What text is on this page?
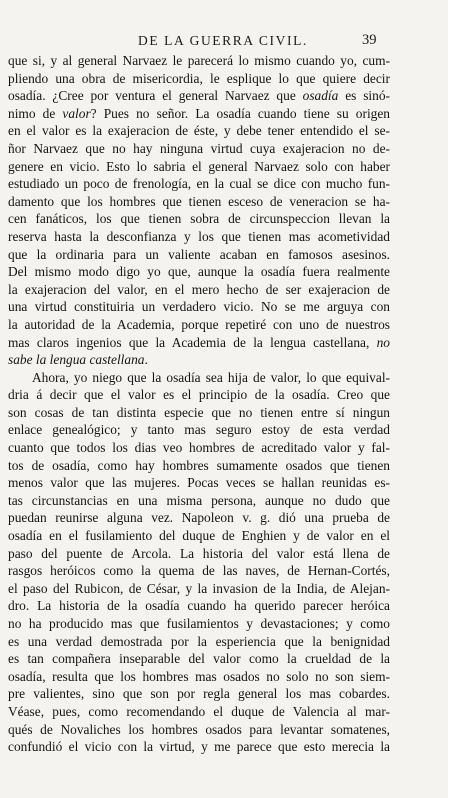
DE LA GUERRA CIVIL.	39
que si, y al general Narvaez le parecerá lo mismo cuando yo, cum-
pliendo una obra de misericordia, le esplique lo que quiere decir
osadía. ¿Cree por ventura el general Narvaez que osadía es sinó-
nimo de valor? Pues no señor. La osadía cuando tiene su origen
en el valor es la exajeracion de éste, y debe tener entendido el se-
ñor Narvaez que no hay ninguna virtud cuya exajeracion no de-
genere en vicio. Esto lo sabria el general Narvaez solo con haber
estudiado un poco de frenología, en la cual se dice con mucho fun-
damento que los hombres que tienen esceso de veneracion se ha-
cen fanáticos, los que tienen sobra de circunspeccion llevan la
reserva hasta la desconfianza y los que tienen mas acometividad
que la ordinaria para un valiente acaban en famosos asesinos.
Del mismo modo digo yo que, aunque la osadía fuera realmente
la exajeracion del valor, en el mero hecho de ser exajeracion de
una virtud constituiria un verdadero vicio. No se me arguya con
la autoridad de la Academia, porque repetiré con uno de nuestros
mas claros ingenios que la Academia de la lengua castellana, no
sabe la lengua castellana.
Ahora, yo niego que la osadía sea hija de valor, lo que equival-
dria á decir que el valor es el principio de la osadía. Creo que
son cosas de tan distinta especie que no tienen entre sí ningun
enlace genealógico; y tanto mas seguro estoy de esta verdad
cuanto que todos los dias veo hombres de acreditado valor y fal-
tos de osadía, como hay hombres sumamente osados que tienen
menos valor que las mujeres. Pocas veces se hallan reunidas es-
tas circunstancias en una misma persona, aunque no dudo que
puedan reunirse alguna vez. Napoleon v. g. dió una prueba de
osadía en el fusilamiento del duque de Enghien y de valor en el
paso del puente de Arcola. La historia del valor está llena de
rasgos heróicos como la quema de las naves, de Hernan-Cortés,
el paso del Rubicon, de César, y la invasion de la India, de Alejan-
dro. La historia de la osadía cuando ha querido parecer heróica
no ha producido mas que fusilamientos y devastaciones; y como
es una verdad demostrada por la esperiencia que la benignidad
es tan compañera inseparable del valor como la crueldad de la
osadía, resulta que los hombres mas osados no solo no son siem-
pre valientes, sino que son por regla general los mas cobardes.
Véase, pues, como recomendando el duque de Valencia al mar-
qués de Novaliches los hombres osados para levantar somatenes,
confundió el vicio con la virtud, y me parece que esto merecia la
